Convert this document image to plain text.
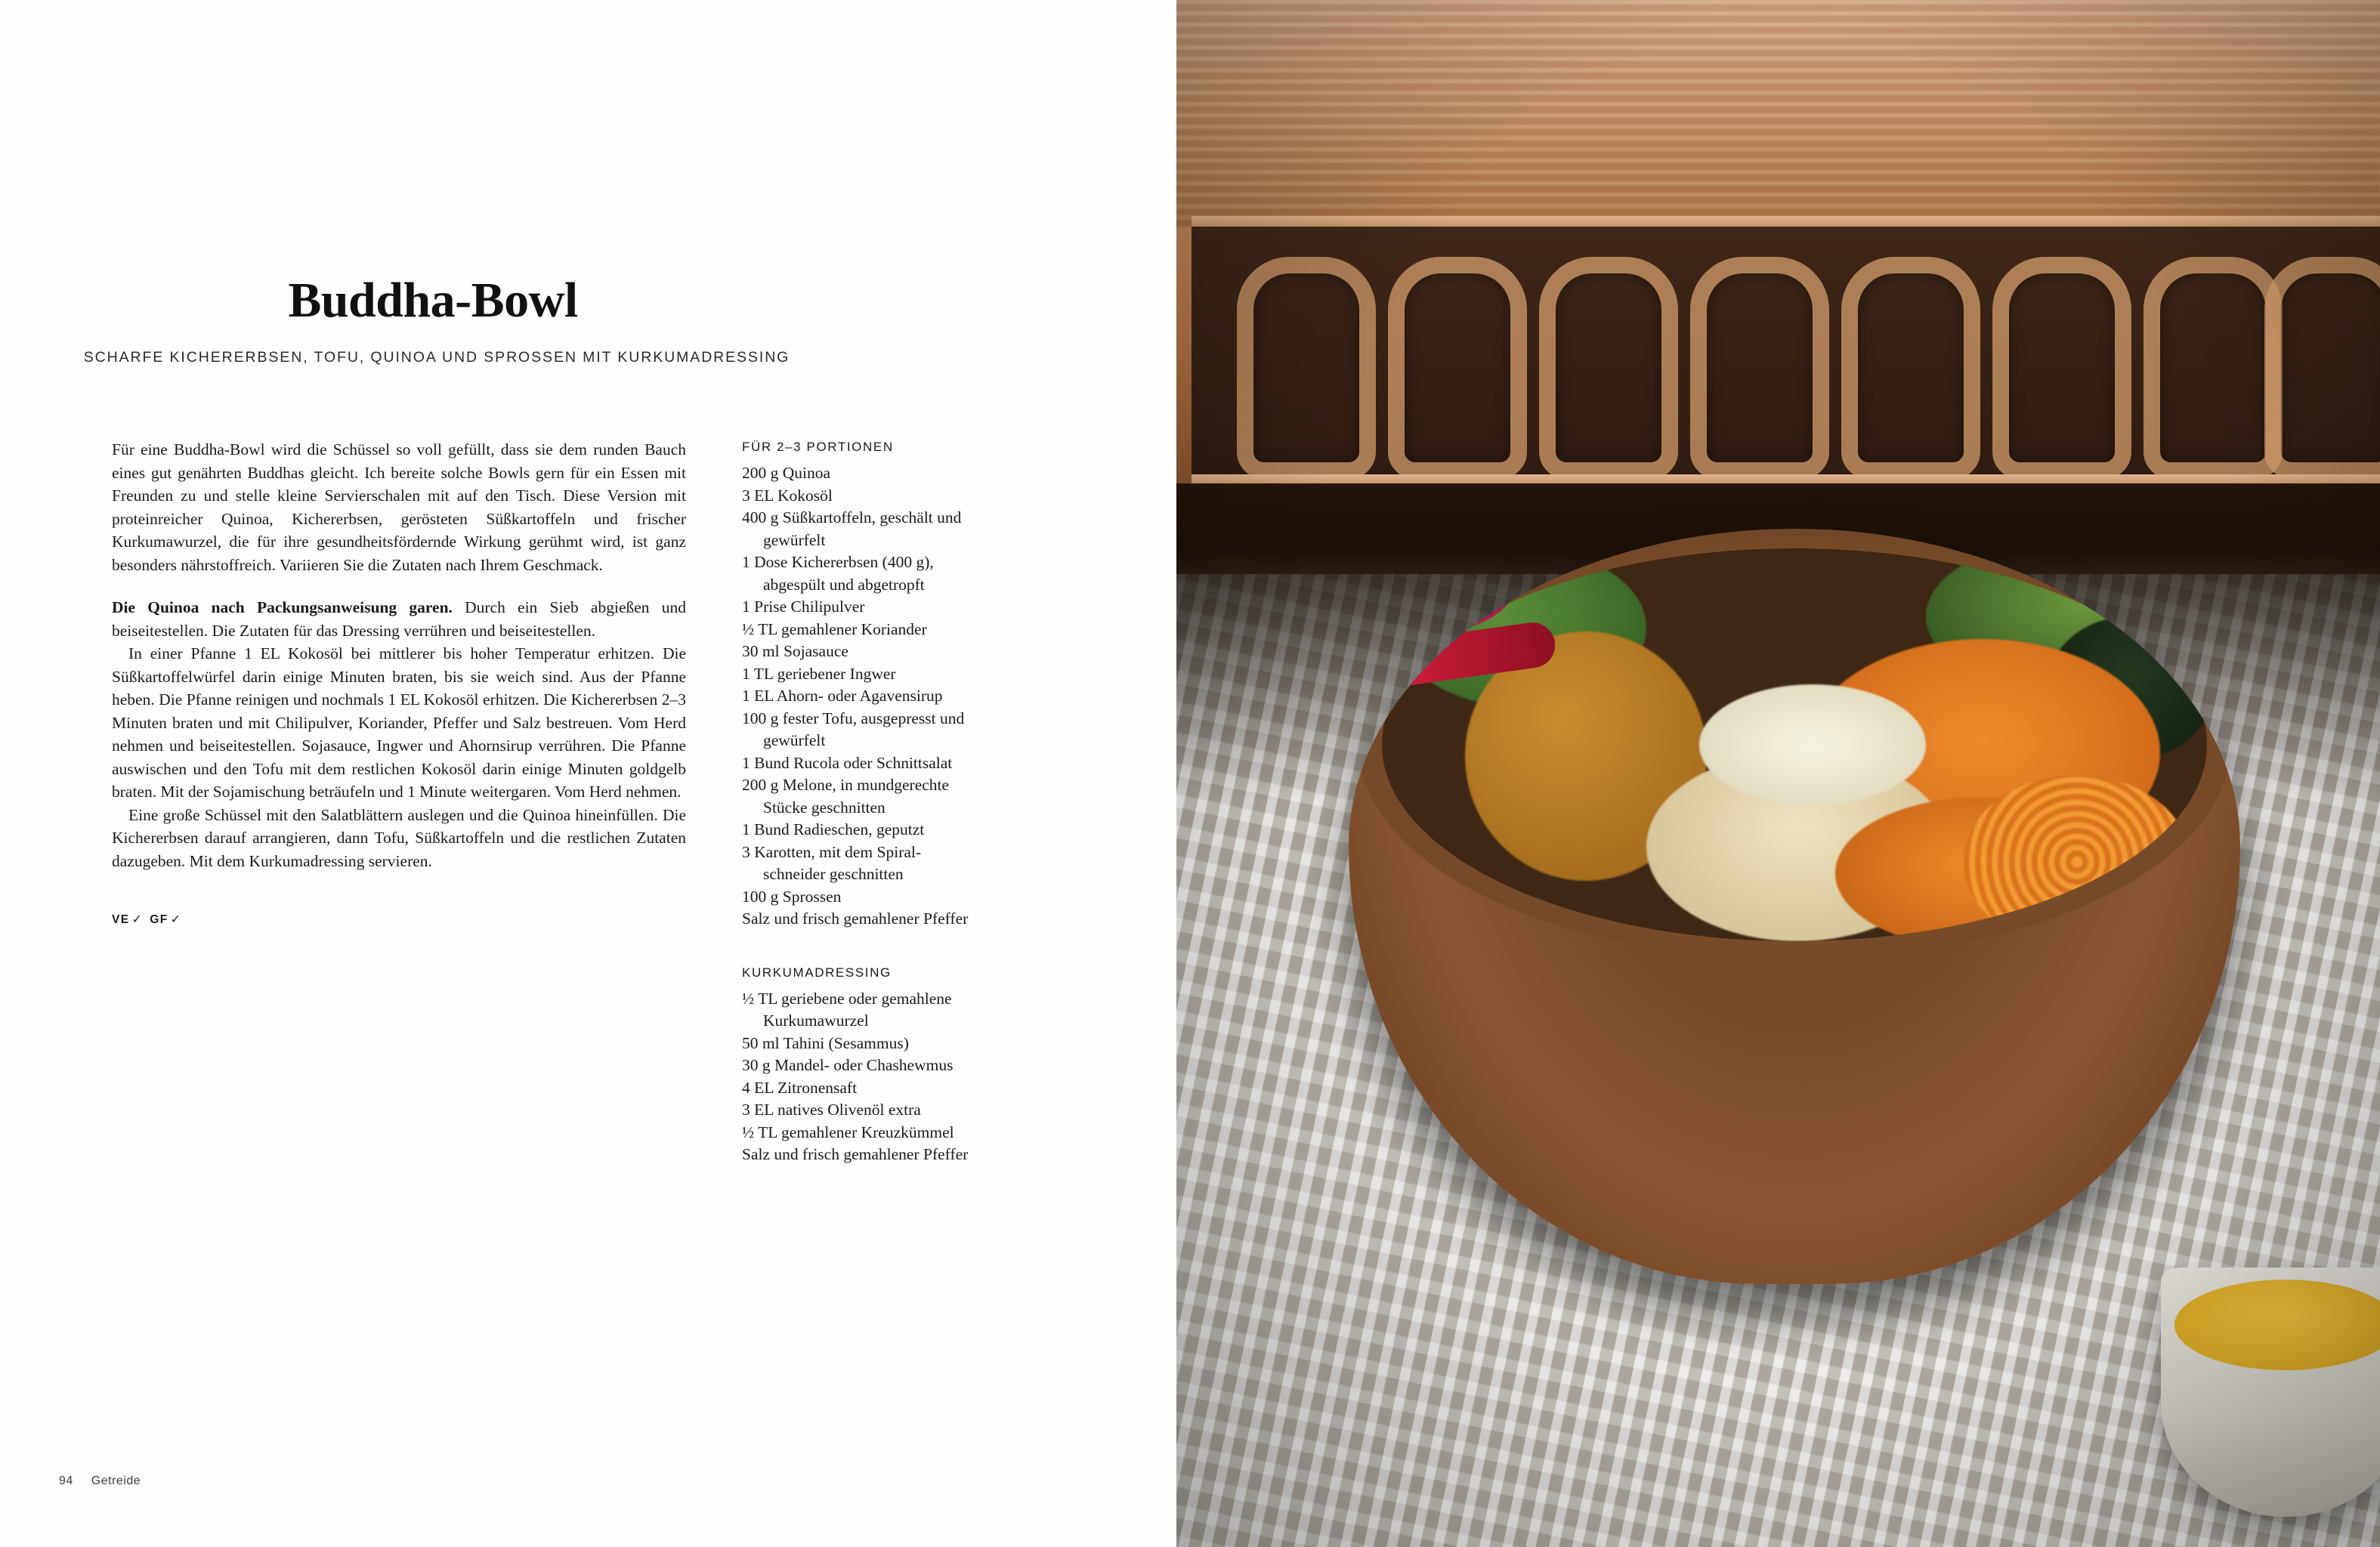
Buddha-Bowl
SCHARFE KICHERERBSEN, TOFU, QUINOA UND SPROSSEN MIT KURKUMADRESSING

Für eine Buddha-Bowl wird die Schüssel so voll gefüllt, dass sie dem runden Bauch eines gut genährten Buddhas gleicht. Ich bereite solche Bowls gern für ein Essen mit Freunden zu und stelle kleine Servierschalen mit auf den Tisch. Diese Version mit proteinreicher Quinoa, Kichererbsen, gerösteten Süßkartoffeln und frischer Kurkumawurzel, die für ihre gesundheitsfördernde Wirkung gerühmt wird, ist ganz besonders nährstoffreich. Variieren Sie die Zutaten nach Ihrem Geschmack.

Die Quinoa nach Packungsanweisung garen. Durch ein Sieb abgießen und beiseitestellen. Die Zutaten für das Dressing verrühren und beiseitestellen.

In einer Pfanne 1 EL Kokosöl bei mittlerer bis hoher Temperatur erhitzen. Die Süßkartoffelwürfel darin einige Minuten braten, bis sie weich sind. Aus der Pfanne heben. Die Pfanne reinigen und nochmals 1 EL Kokosöl erhitzen. Die Kichererbsen 2–3 Minuten braten und mit Chilipulver, Koriander, Pfeffer und Salz bestreuen. Vom Herd nehmen und beiseitestellen. Sojasauce, Ingwer und Ahornsirup verrühren. Die Pfanne auswischen und den Tofu mit dem restlichen Kokosöl darin einige Minuten goldgelb braten. Mit der Sojamischung beträufeln und 1 Minute weitergaren. Vom Herd nehmen.

Eine große Schüssel mit den Salatblättern auslegen und die Quinoa hineinfüllen. Die Kichererbsen darauf arrangieren, dann Tofu, Süßkartoffeln und die restlichen Zutaten dazugeben. Mit dem Kurkumadressing servieren.

VE ✓ GF ✓
FÜR 2–3 PORTIONEN
200 g Quinoa
3 EL Kokosöl
400 g Süßkartoffeln, geschält und
gewürfelt
1 Dose Kichererbsen (400 g),
abgespült und abgetropft
1 Prise Chilipulver
½ TL gemahlener Koriander
30 ml Sojasauce
1 TL geriebener Ingwer
1 EL Ahorn- oder Agavensirup
100 g fester Tofu, ausgepresst und
gewürfelt
1 Bund Rucola oder Schnittsalat
200 g Melone, in mundgerechte
Stücke geschnitten
1 Bund Radieschen, geputzt
3 Karotten, mit dem Spiral-
schneider geschnitten
100 g Sprossen
Salz und frisch gemahlener Pfeffer
KURKUMADRESSING
½ TL geriebene oder gemahlene
Kurkumawurzel
50 ml Tahini (Sesammus)
30 g Mandel- oder Chashewmus
4 EL Zitronensaft
3 EL natives Olivenöl extra
½ TL gemahlener Kreuzkümmel
Salz und frisch gemahlener Pfeffer
94 Getreide
